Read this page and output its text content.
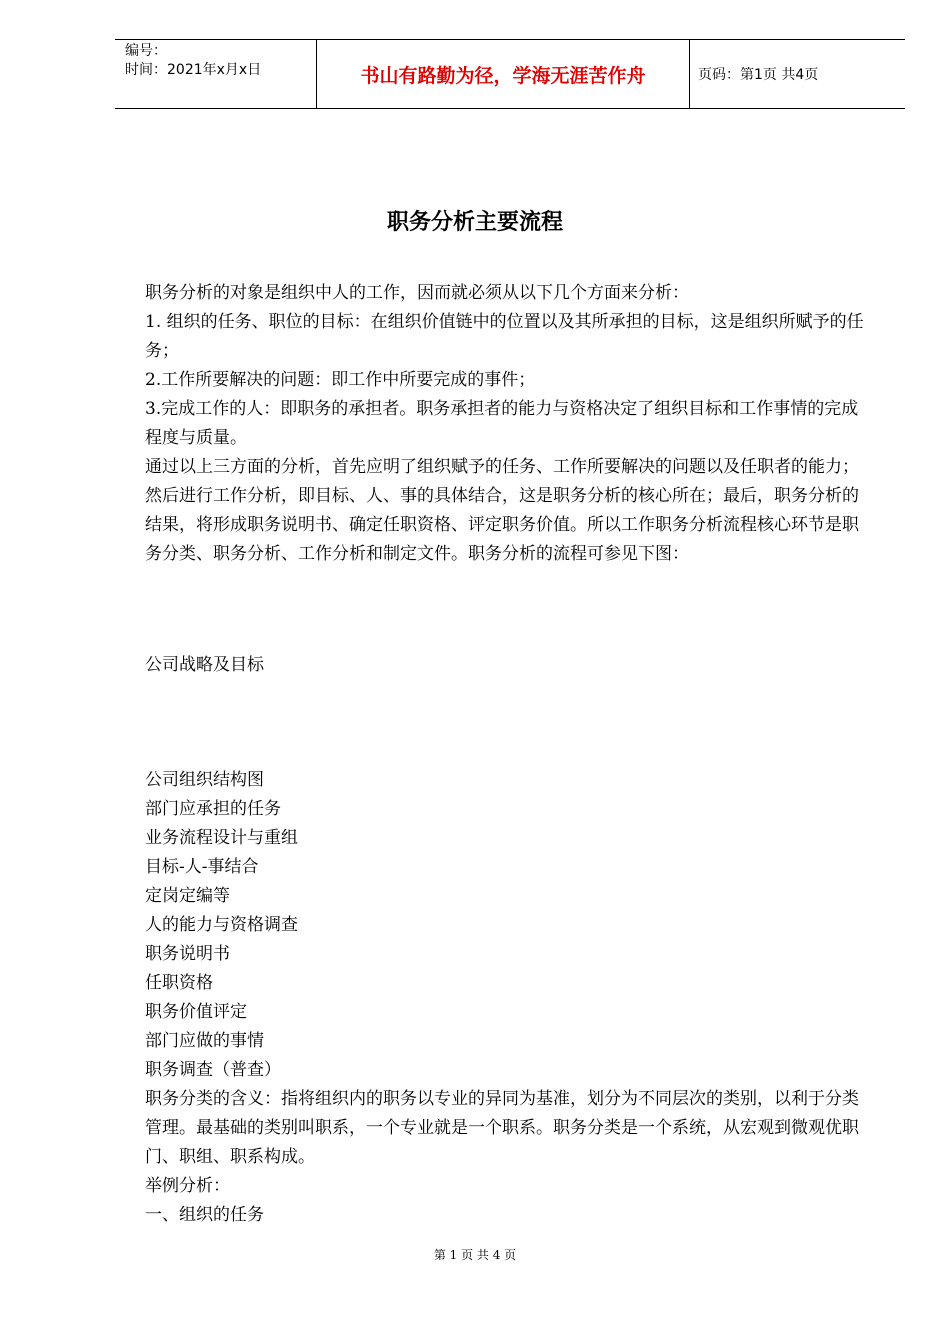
编号：
时间：2021年x月x日	书山有路勤为径，学海无涯苦作舟	页码：第1页 共4页
职务分析主要流程

职务分析的对象是组织中人的工作，因而就必须从以下几个方面来分析：

1. 组织的任务、职位的目标：在组织价值链中的位置以及其所承担的目标，这是组织所赋予的任务；

2.工作所要解决的问题：即工作中所要完成的事件；

3.完成工作的人：即职务的承担者。职务承担者的能力与资格决定了组织目标和工作事情的完成程度与质量。

通过以上三方面的分析，首先应明了组织赋予的任务、工作所要解决的问题以及任职者的能力；然后进行工作分析，即目标、人、事的具体结合，这是职务分析的核心所在；最后，职务分析的结果，将形成职务说明书、确定任职资格、评定职务价值。所以工作职务分析流程核心环节是职务分类、职务分析、工作分析和制定文件。职务分析的流程可参见下图：

公司战略及目标

公司组织结构图

部门应承担的任务

业务流程设计与重组

目标-人-事结合

定岗定编等

人的能力与资格调查

职务说明书

任职资格

职务价值评定

部门应做的事情

职务调查（普查）

职务分类的含义：指将组织内的职务以专业的异同为基准，划分为不同层次的类别，以利于分类管理。最基础的类别叫职系，一个专业就是一个职系。职务分类是一个系统，从宏观到微观优职门、职组、职系构成。

举例分析：

一、组织的任务

第 1 页 共 4 页
